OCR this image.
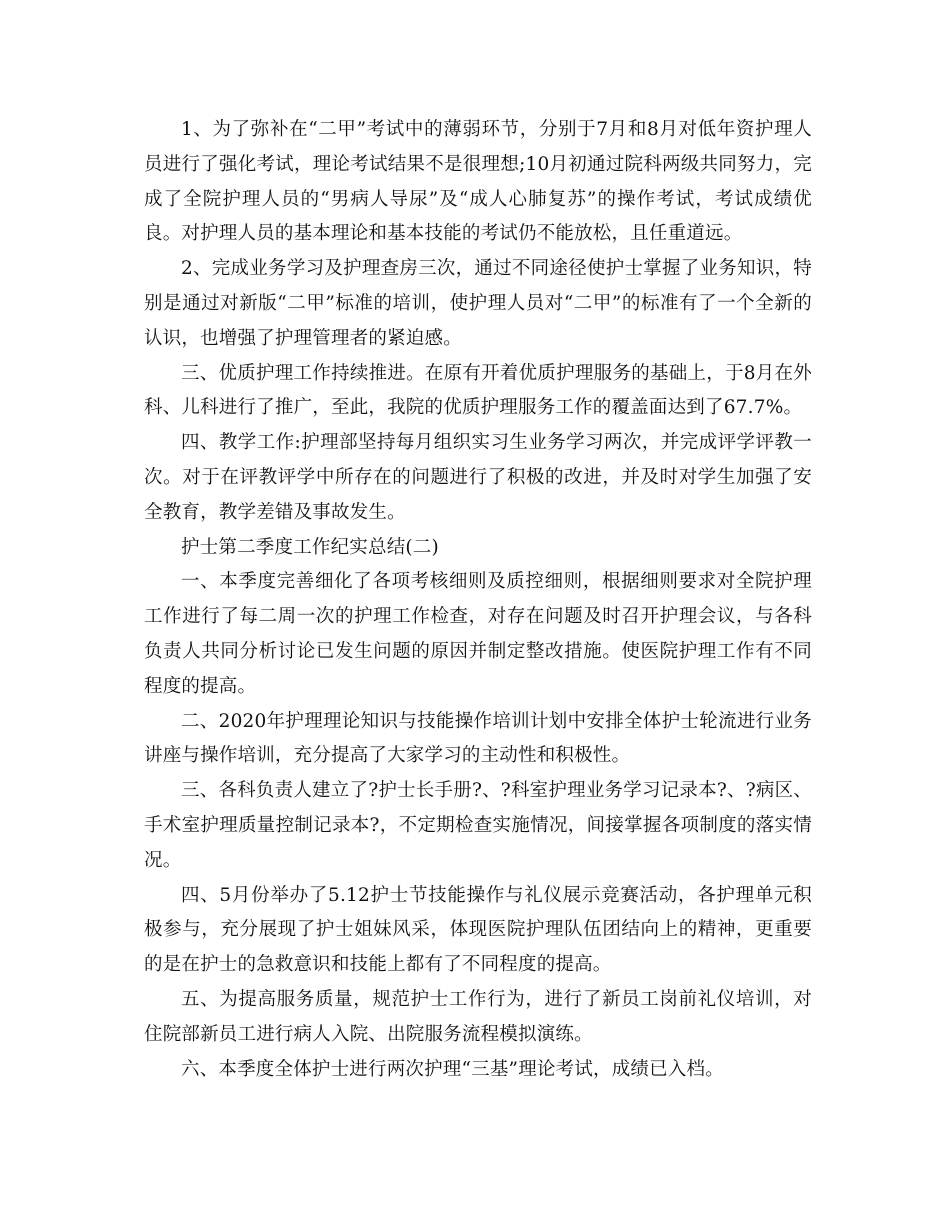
1、为了弥补在“二甲”考试中的薄弱环节，分别于7月和8月对低年资护理人员进行了强化考试，理论考试结果不是很理想;10月初通过院科两级共同努力，完成了全院护理人员的“男病人导尿”及“成人心肺复苏”的操作考试，考试成绩优良。对护理人员的基本理论和基本技能的考试仍不能放松，且任重道远。

2、完成业务学习及护理查房三次，通过不同途径使护士掌握了业务知识，特别是通过对新版“二甲”标准的培训，使护理人员对“二甲”的标准有了一个全新的认识，也增强了护理管理者的紧迫感。

三、优质护理工作持续推进。在原有开着优质护理服务的基础上，于8月在外科、儿科进行了推广，至此，我院的优质护理服务工作的覆盖面达到了67.7%。

四、教学工作:护理部坚持每月组织实习生业务学习两次，并完成评学评教一次。对于在评教评学中所存在的问题进行了积极的改进，并及时对学生加强了安全教育，教学差错及事故发生。

护士第二季度工作纪实总结(二)

一、本季度完善细化了各项考核细则及质控细则，根据细则要求对全院护理工作进行了每二周一次的护理工作检查，对存在问题及时召开护理会议，与各科负责人共同分析讨论已发生问题的原因并制定整改措施。使医院护理工作有不同程度的提高。

二、2020年护理理论知识与技能操作培训计划中安排全体护士轮流进行业务讲座与操作培训，充分提高了大家学习的主动性和积极性。

三、各科负责人建立了?护士长手册?、?科室护理业务学习记录本?、?病区、手术室护理质量控制记录本?，不定期检查实施情况，间接掌握各项制度的落实情况。

四、5月份举办了5.12护士节技能操作与礼仪展示竞赛活动，各护理单元积极参与，充分展现了护士姐妹风采，体现医院护理队伍团结向上的精神，更重要的是在护士的急救意识和技能上都有了不同程度的提高。

五、为提高服务质量，规范护士工作行为，进行了新员工岗前礼仪培训，对住院部新员工进行病人入院、出院服务流程模拟演练。

六、本季度全体护士进行两次护理“三基”理论考试，成绩已入档。
